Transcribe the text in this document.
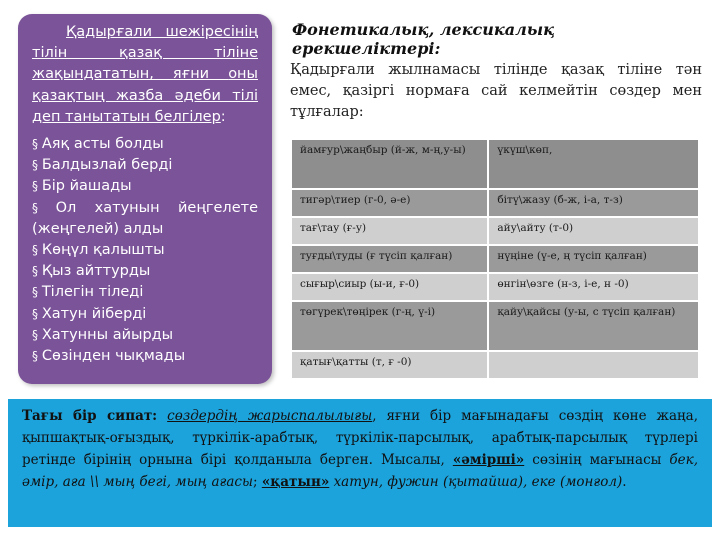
Қадырғали шежіресінің тілін қазақ тіліне жақындататын, яғни оны қазақтың жазба әдеби тілі деп танытатын белгілер:

§ Аяқ асты болды
§ Балдызлай берді
§ Бір йашады
§ Ол хатунын йеңгелете (жеңгелей) алды
§ Көңүл қалышты
§ Қыз айттурды
§ Тілегін тіледі
§ Хатун йіберді
§ Хатунны айырды
§ Сөзінден чықмады
Фонетикалық, лексикалық ерекшеліктері:

Қадырғали жылнамасы тілінде қазақ тіліне тән емес, қазіргі нормаға сай келмейтін сөздер мен тұлғалар:

йамғур\жаңбыр (й-ж, м-ң,у-ы)	үкүш\көп,
тигәр\тиер (г-0, ә-е)	бітү\жазу (б-ж, і-а, т-з)
тағ\тау (ғ-у)	айу\айту (т-0)
туғды\туды (ғ түсіп қалған)	нүңіне (ү-е, ң түсіп қалған)
сығыр\сиыр (ы-и, ғ-0)	өнгін\өзге (н-з, і-е, н -0)
төгүрек\төңірек (г-ң, ү-і)	қайу\қайсы (у-ы, с түсіп қалған)
қатығ\қатты (т, ғ -0)	

Тағы бір сипат: сөздердің жарыспалылығы, яғни бір мағынадағы сөздің көне жаңа, қыпшақтық-оғыздық, түркілік-арабтық, түркілік-парсылық, арабтық-парсылық түрлері ретінде бірінің орнына бірі қолданыла берген. Мысалы, «әмірші» сөзінің мағынасы бек, әмір, аға \\ мың бегі, мың ағасы; «қатын» хатун, фужин (қытайша), еке (монғол).
